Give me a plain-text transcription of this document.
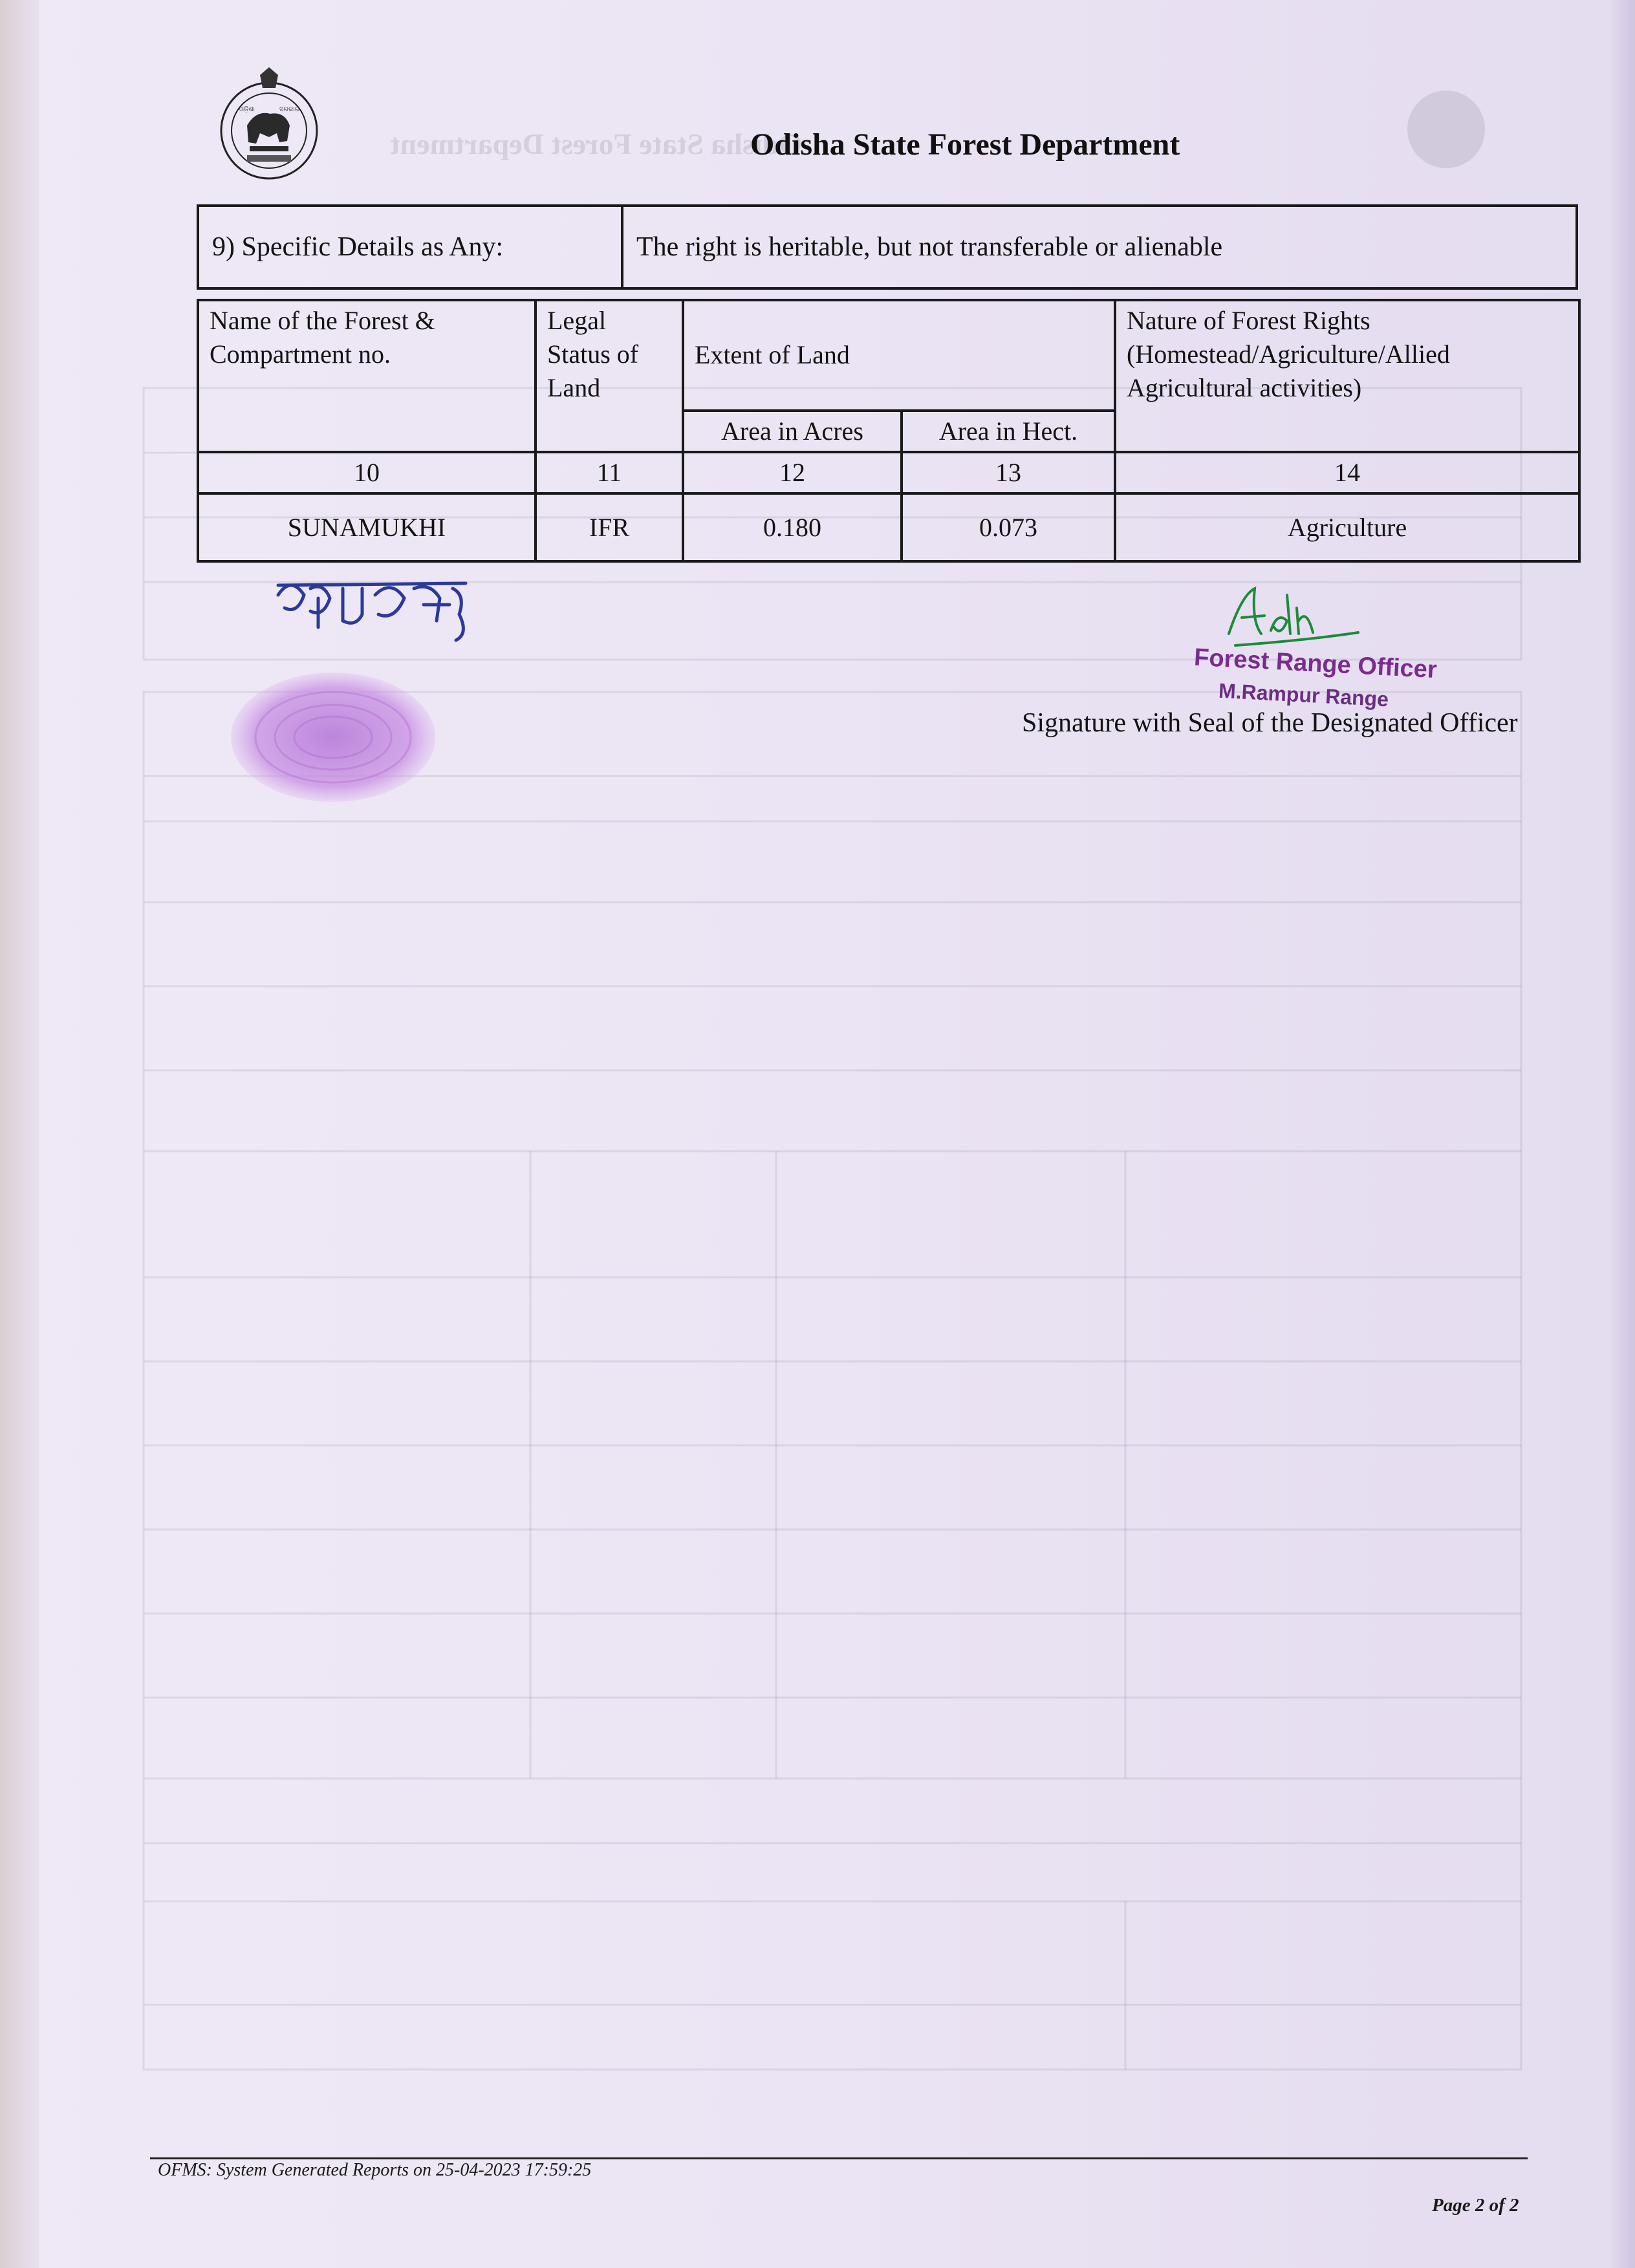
ଓଡ଼ିଶା	ସରକାର
Odisha State Forest Department
Odisha State Forest Department
9) Specific Details as Any:	The right is heritable, but not transferable or alienable
Name of the Forest & Compartment no.	Legal Status of Land	Extent of Land		Nature of Forest Rights (Homestead/Agriculture/Allied Agricultural activities)
		Area in Acres	Area in Hect.	
10	11	12	13	14
SUNAMUKHI	IFR	0.180	0.073	Agriculture
Forest Range Officer
M.Rampur Range
Signature with Seal of the Designated Officer
OFMS: System Generated Reports on 25-04-2023 17:59:25
Page 2 of 2
